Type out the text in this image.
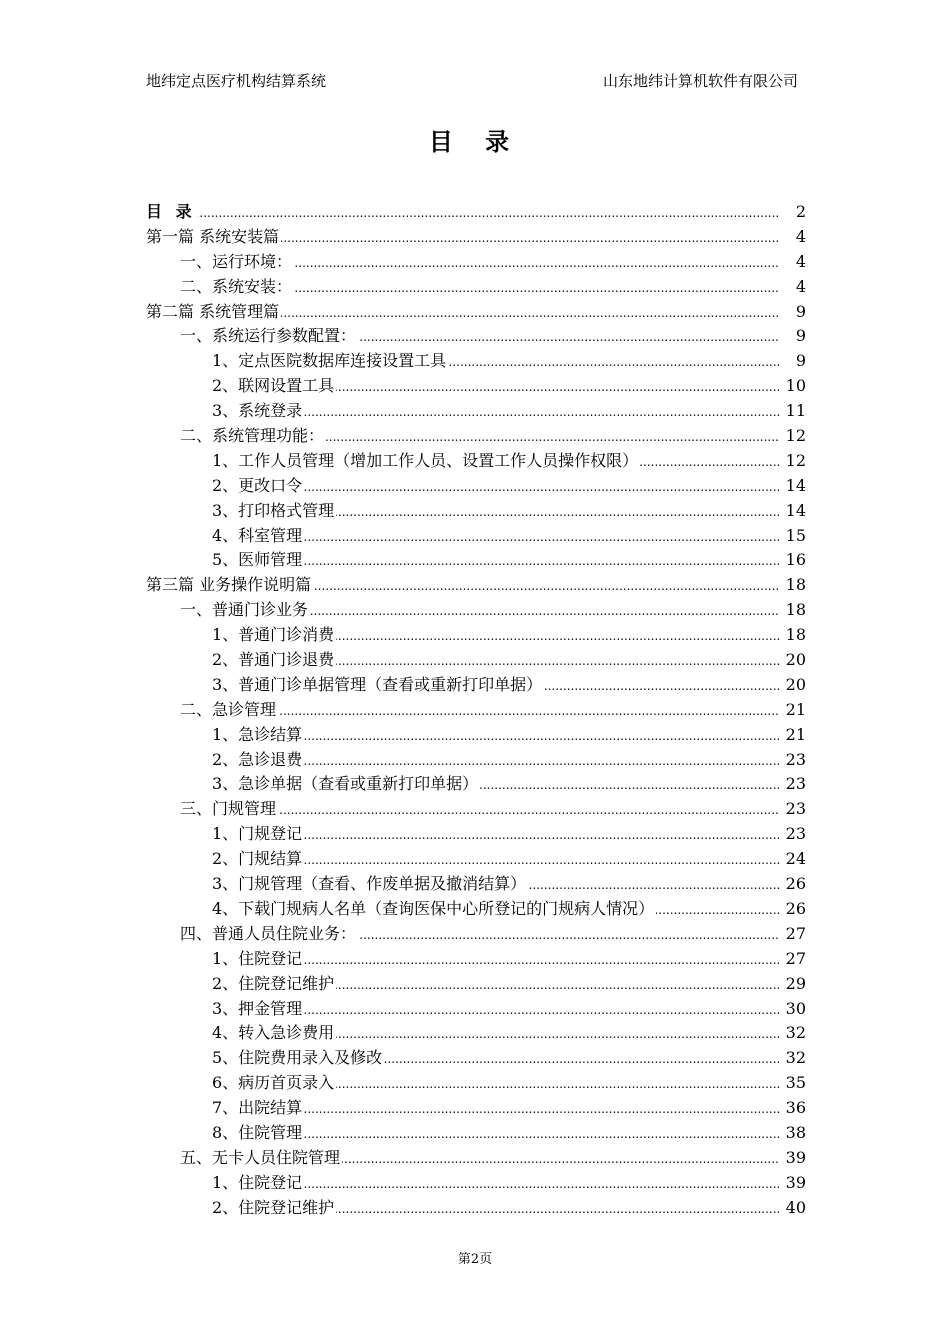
地纬定点医疗机构结算系统	山东地纬计算机软件有限公司
目 录
.....
目 录	2
.....
第一篇 系统安装篇	4
.....
一、运行环境：	4
.....
二、系统安装：	4
.....
第二篇 系统管理篇	9
.....
一、系统运行参数配置：	9
.....
1、定点医院数据库连接设置工具	9
.....
2、联网设置工具	10
.....
3、系统登录	11
.....
二、系统管理功能：	12
.....
1、工作人员管理（增加工作人员、设置工作人员操作权限）	12
.....
2、更改口令	14
.....
3、打印格式管理	14
.....
4、科室管理	15
.....
5、医师管理	16
.....
第三篇 业务操作说明篇	18
.....
一、普通门诊业务	18
.....
1、普通门诊消费	18
.....
2、普通门诊退费	20
.....
3、普通门诊单据管理（查看或重新打印单据）	20
.....
二、急诊管理	21
.....
1、急诊结算	21
.....
2、急诊退费	23
.....
3、急诊单据（查看或重新打印单据）	23
.....
三、门规管理	23
.....
1、门规登记	23
.....
2、门规结算	24
.....
3、门规管理（查看、作废单据及撤消结算）	26
.....
4、下载门规病人名单（查询医保中心所登记的门规病人情况）	26
.....
四、普通人员住院业务：	27
.....
1、住院登记	27
.....
2、住院登记维护	29
.....
3、押金管理	30
.....
4、转入急诊费用	32
.....
5、住院费用录入及修改	32
.....
6、病历首页录入	35
.....
7、出院结算	36
.....
8、住院管理	38
.....
五、无卡人员住院管理	39
.....
1、住院登记	39
.....
2、住院登记维护	40
第2页
